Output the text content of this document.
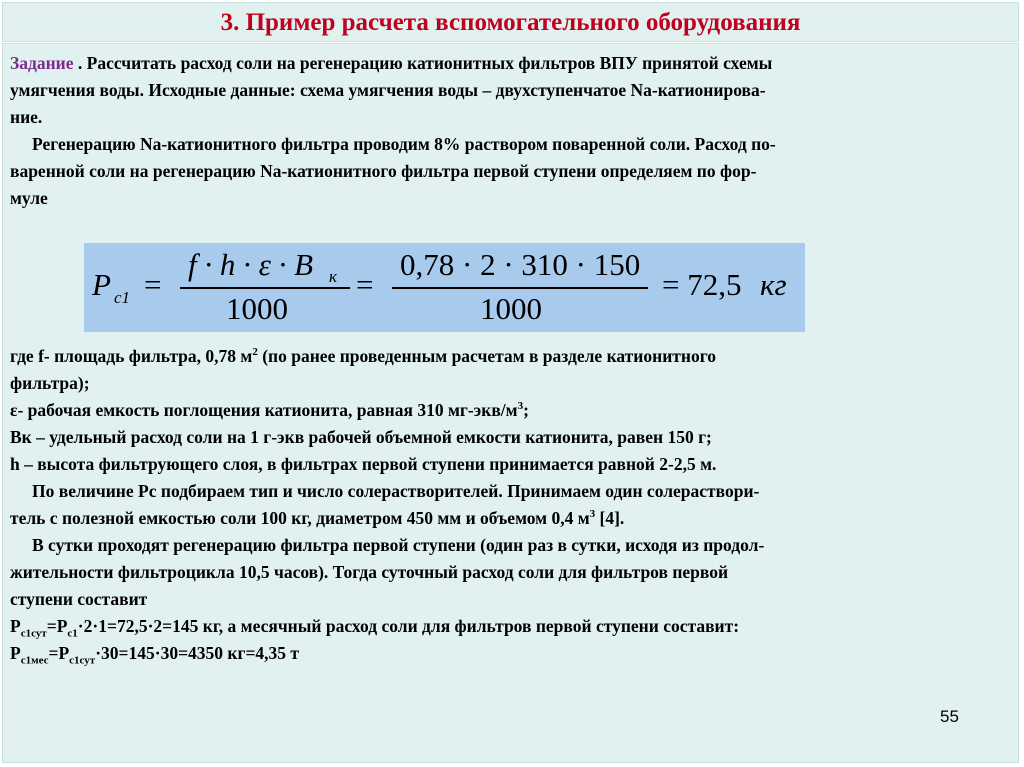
3. Пример расчета вспомогательного оборудования

Задание . Рассчитать расход соли на регенерацию катионитных фильтров ВПУ принятой схемы
умягчения воды. Исходные данные: схема умягчения воды – двухступенчатое Na-катионирова-
ние.

Регенерацию Na-катионитного фильтра проводим 8% раствором поваренной соли. Расход по-
варенной соли на регенерацию Na-катионитного фильтра первой ступени определяем по фор-
муле

P c1 =
f · h · ε · B к
1000
=
0,78 · 2 · 310 · 150
1000
= 72,5 кг

где f- площадь фильтра, 0,78 $м^2$ (по ранее проведенным расчетам в разделе катионитного
фильтра);
ε- рабочая емкость поглощения катионита, равная 310 $мг-экв/м^3$;
Вк – удельный расход соли на 1 г-экв рабочей объемной емкости катионита, равен 150 г;
h – высота фильтрующего слоя, в фильтрах первой ступени принимается равной 2-2,5 м.

По величине Рс подбираем тип и число солерастворителей. Принимаем один солераствори-
тель с полезной емкостью соли 100 кг, диаметром 450 мм и объемом 0,4 $м^3$ [4].

В сутки проходят регенерацию фильтра первой ступени (один раз в сутки, исходя из продол-
жительности фильтроцикла 10,5 часов). Тогда суточный расход соли для фильтров первой
ступени составит

$P_{c1сут}=P_{c1}\cdot 2\cdot 1=72,5\cdot 2=145$ кг, а месячный расход соли для фильтров первой ступени составит:
$P_{c1мес}=P_{c1сут}\cdot 30=145\cdot 30=4350$ кг=4,35 т

55
